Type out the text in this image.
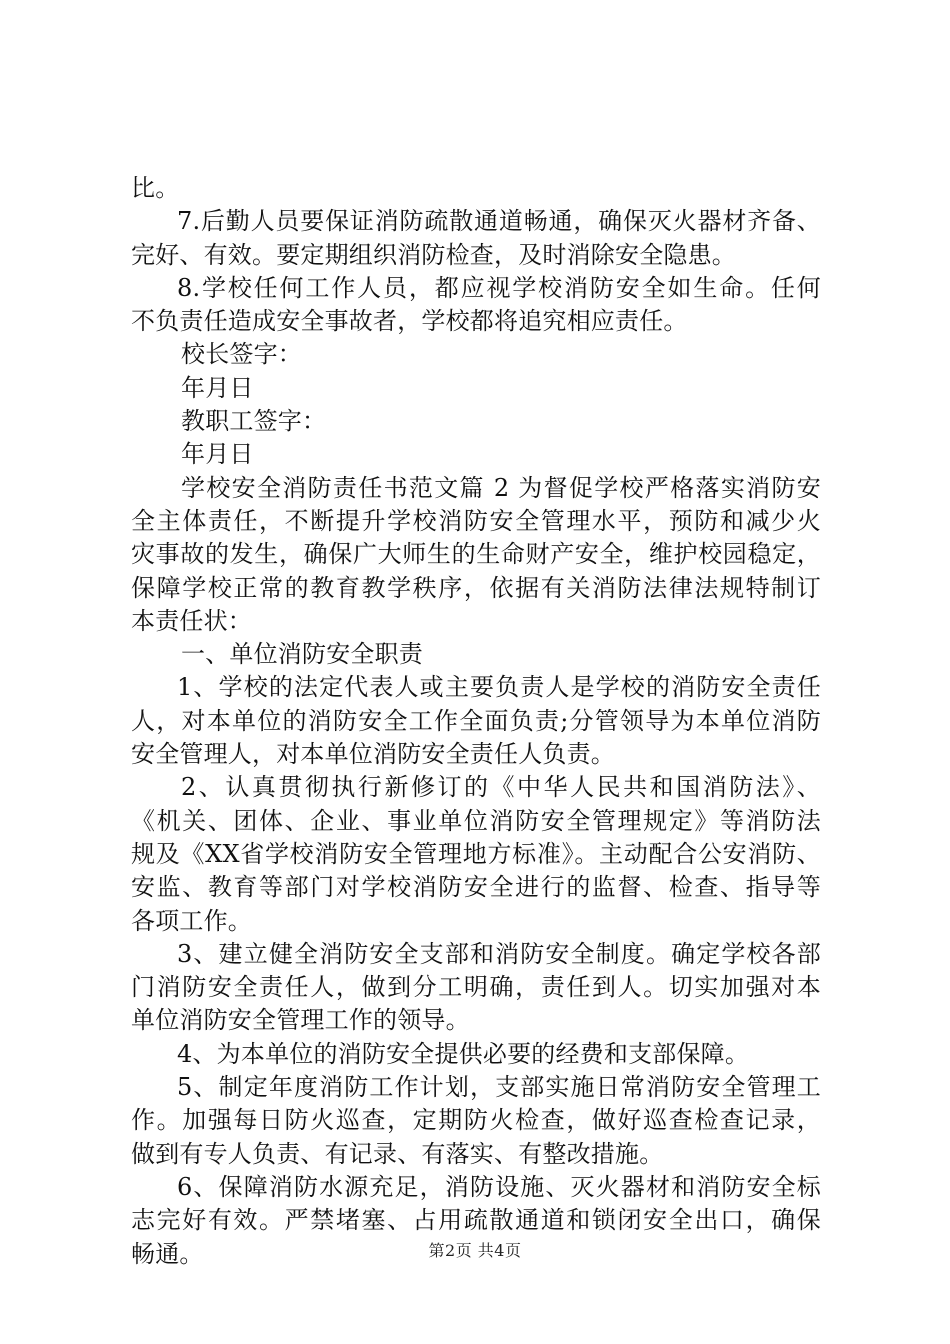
比。
7.后勤人员要保证消防疏散通道畅通，确保灭火器材齐备、
完好、有效。要定期组织消防检查，及时消除安全隐患。
8.学校任何工作人员，都应视学校消防安全如生命。任何
不负责任造成安全事故者，学校都将追究相应责任。
校长签字：
年月日
教职工签字：
年月日
学校安全消防责任书范文篇 2 为督促学校严格落实消防安
全主体责任，不断提升学校消防安全管理水平，预防和减少火
灾事故的发生，确保广大师生的生命财产安全，维护校园稳定，
保障学校正常的教育教学秩序，依据有关消防法律法规特制订
本责任状：
一、单位消防安全职责
1、学校的法定代表人或主要负责人是学校的消防安全责任
人，对本单位的消防安全工作全面负责;分管领导为本单位消防
安全管理人，对本单位消防安全责任人负责。
2、认真贯彻执行新修订的《中华人民共和国消防法》、
《机关、团体、企业、事业单位消防安全管理规定》等消防法
规及《XX省学校消防安全管理地方标准》。主动配合公安消防、
安监、教育等部门对学校消防安全进行的监督、检查、指导等
各项工作。
3、建立健全消防安全支部和消防安全制度。确定学校各部
门消防安全责任人，做到分工明确，责任到人。切实加强对本
单位消防安全管理工作的领导。
4、为本单位的消防安全提供必要的经费和支部保障。
5、制定年度消防工作计划，支部实施日常消防安全管理工
作。加强每日防火巡查，定期防火检查，做好巡查检查记录，
做到有专人负责、有记录、有落实、有整改措施。
6、保障消防水源充足，消防设施、灭火器材和消防安全标
志完好有效。严禁堵塞、占用疏散通道和锁闭安全出口，确保
畅通。	第2页 共4页
